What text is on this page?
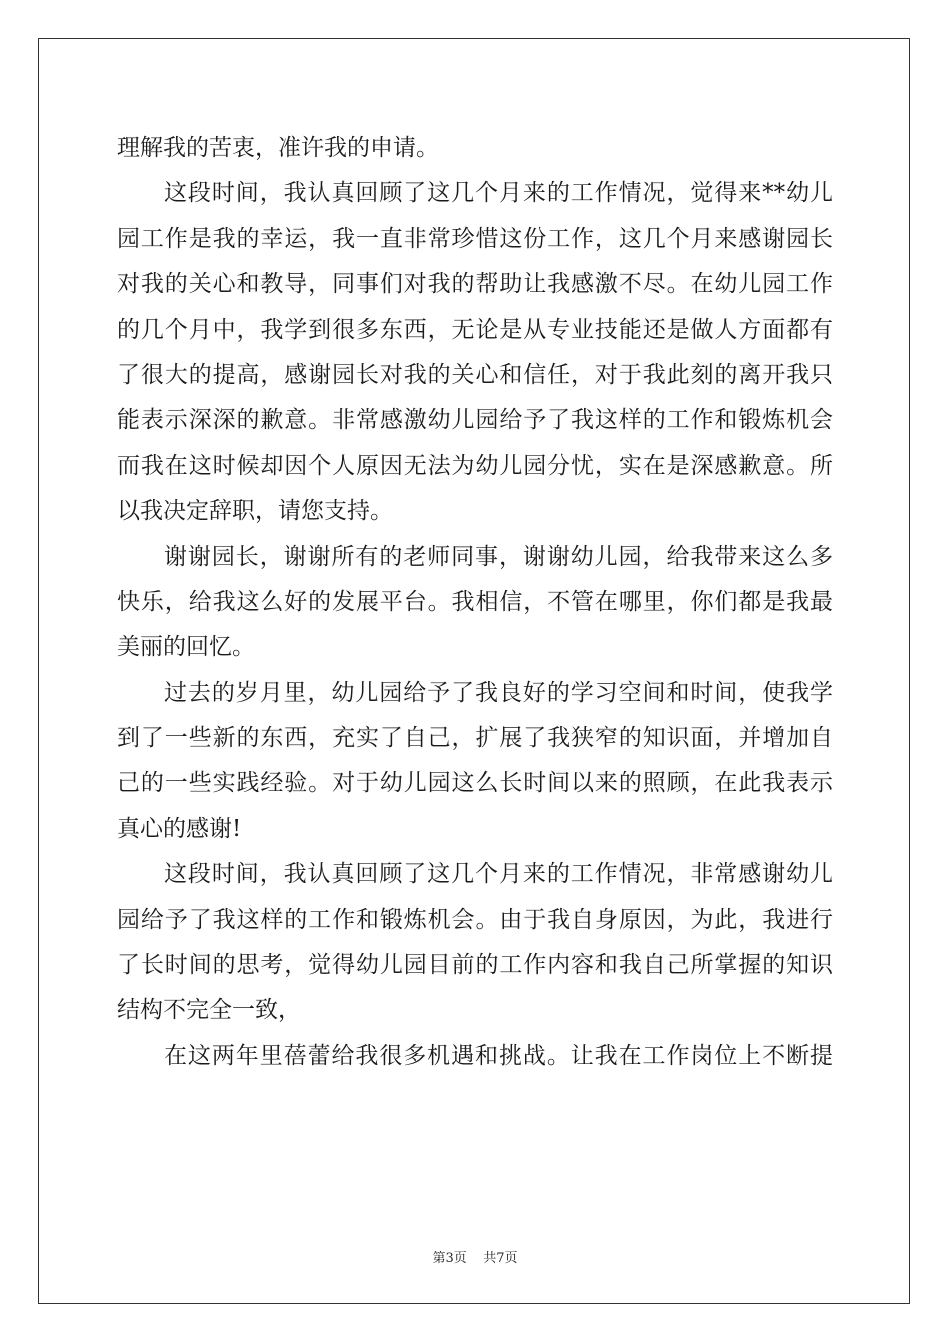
理解我的苦衷，准许我的申请。
这段时间，我认真回顾了这几个月来的工作情况，觉得来**幼儿
园工作是我的幸运，我一直非常珍惜这份工作，这几个月来感谢园长
对我的关心和教导，同事们对我的帮助让我感激不尽。在幼儿园工作
的几个月中，我学到很多东西，无论是从专业技能还是做人方面都有
了很大的提高，感谢园长对我的关心和信任，对于我此刻的离开我只
能表示深深的歉意。非常感激幼儿园给予了我这样的工作和锻炼机会
而我在这时候却因个人原因无法为幼儿园分忧，实在是深感歉意。所
以我决定辞职，请您支持。
谢谢园长，谢谢所有的老师同事，谢谢幼儿园，给我带来这么多
快乐，给我这么好的发展平台。我相信，不管在哪里，你们都是我最
美丽的回忆。
过去的岁月里，幼儿园给予了我良好的学习空间和时间，使我学
到了一些新的东西，充实了自己，扩展了我狭窄的知识面，并增加自
己的一些实践经验。对于幼儿园这么长时间以来的照顾，在此我表示
真心的感谢!
这段时间，我认真回顾了这几个月来的工作情况，非常感谢幼儿
园给予了我这样的工作和锻炼机会。由于我自身原因，为此，我进行
了长时间的思考，觉得幼儿园目前的工作内容和我自己所掌握的知识
结构不完全一致，
在这两年里蓓蕾给我很多机遇和挑战。让我在工作岗位上不断提
第3页 共7页
